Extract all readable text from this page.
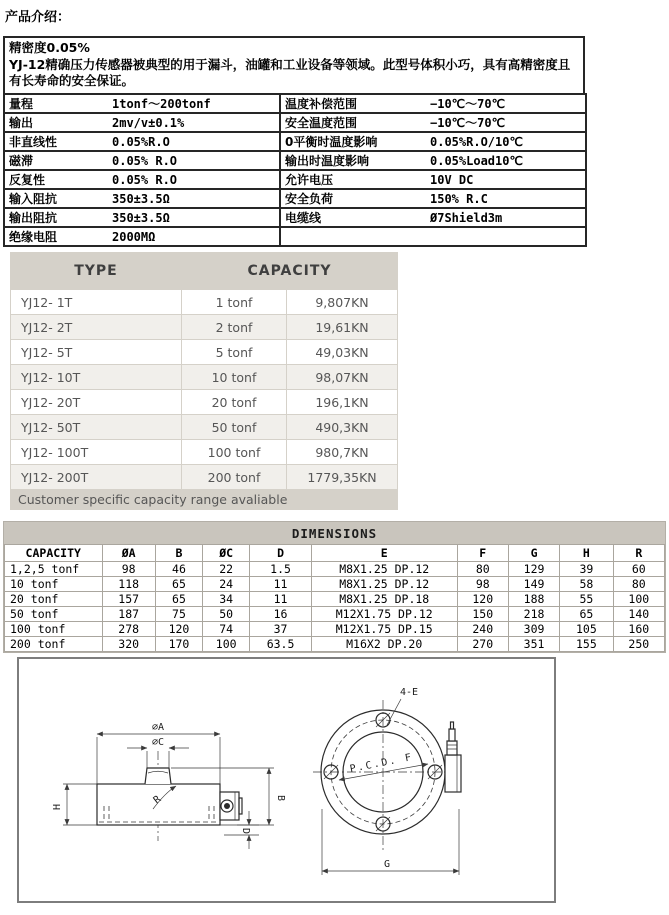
产品介绍：
精密度0.05%
YJ-12精确压力传感器被典型的用于漏斗，油罐和工业设备等领域。此型号体积小巧，具有高精密度且有长寿命的安全保证。
量程	1tonf～200tonf	温度补偿范围	−10℃～70℃
输出	2mv/v±0.1%	安全温度范围	−10℃～70℃
非直线性	0.05%R.O	0平衡时温度影响	0.05%R.O/10℃
磁滞	0.05% R.O	输出时温度影响	0.05%Load10℃
反复性	0.05% R.O	允许电压	10V DC
输入阻抗	350±3.5Ω	安全负荷	150% R.C
输出阻抗	350±3.5Ω	电缆线	Ø7Shield3m
绝缘电阻	2000MΩ		
TYPE	CAPACITY	
YJ12- 1T	1 tonf	9,807KN
YJ12- 2T	2 tonf	19,61KN
YJ12- 5T	5 tonf	49,03KN
YJ12- 10T	10 tonf	98,07KN
YJ12- 20T	20 tonf	196,1KN
YJ12- 50T	50 tonf	490,3KN
YJ12- 100T	100 tonf	980,7KN
YJ12- 200T	200 tonf	1779,35KN
Customer specific capacity range avaliable		
DIMENSIONS
CAPACITY	ØA	B	ØC	D	E	F	G	H	R
1,2,5 tonf	98	46	22	1.5	M8X1.25 DP.12	80	129	39	60
10 tonf	118	65	24	11	M8X1.25 DP.12	98	149	58	80
20 tonf	157	65	34	11	M8X1.25 DP.18	120	188	55	100
50 tonf	187	75	50	16	M12X1.75 DP.12	150	218	65	140
100 tonf	278	120	74	37	M12X1.75 DP.15	240	309	105	160
200 tonf	320	170	100	63.5	M16X2 DP.20	270	351	155	250
⌀A
⌀C
R
H
B
D
4-E
P.C.D. F
G
